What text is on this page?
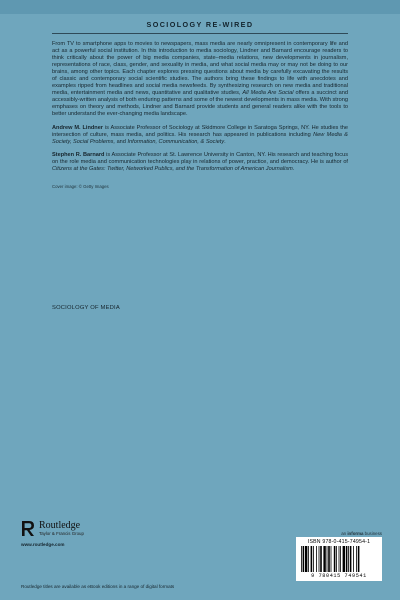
SOCIOLOGY RE-WIRED

From TV to smartphone apps to movies to newspapers, mass media are nearly omnipresent in contemporary life and act as a powerful social institution. In this introduction to media sociology, Lindner and Barnard encourage readers to think critically about the power of big media companies, state–media relations, new developments in journalism, representations of race, class, gender, and sexuality in media, and what social media may or may not be doing to our brains, among other topics. Each chapter explores pressing questions about media by carefully excavating the results of classic and contemporary social scientific studies. The authors bring these findings to life with anecdotes and examples ripped from headlines and social media newsfeeds. By synthesizing research on new media and traditional media, entertainment media and news, quantitative and qualitative studies, All Media Are Social offers a succinct and accessibly-written analysis of both enduring patterns and some of the newest developments in mass media. With strong emphases on theory and methods, Lindner and Barnard provide students and general readers alike with the tools to better understand the ever-changing media landscape.

Andrew M. Lindner is Associate Professor of Sociology at Skidmore College in Saratoga Springs, NY. He studies the intersection of culture, mass media, and politics. His research has appeared in publications including New Media & Society, Social Problems, and Information, Communication, & Society.

Stephen R. Barnard is Associate Professor at St. Lawrence University in Canton, NY. His research and teaching focus on the role media and communication technologies play in relations of power, practice, and democracy. He is author of Citizens at the Gates: Twitter, Networked Publics, and the Transformation of American Journalism.

Cover image: © Getty Images
SOCIOLOGY OF MEDIA
Routledge
Taylor & Francis Group
www.routledge.com
an informa business
ISBN 978-0-415-74954-1
9 780415 749541
Routledge titles are available as eBook editions in a range of digital formats
